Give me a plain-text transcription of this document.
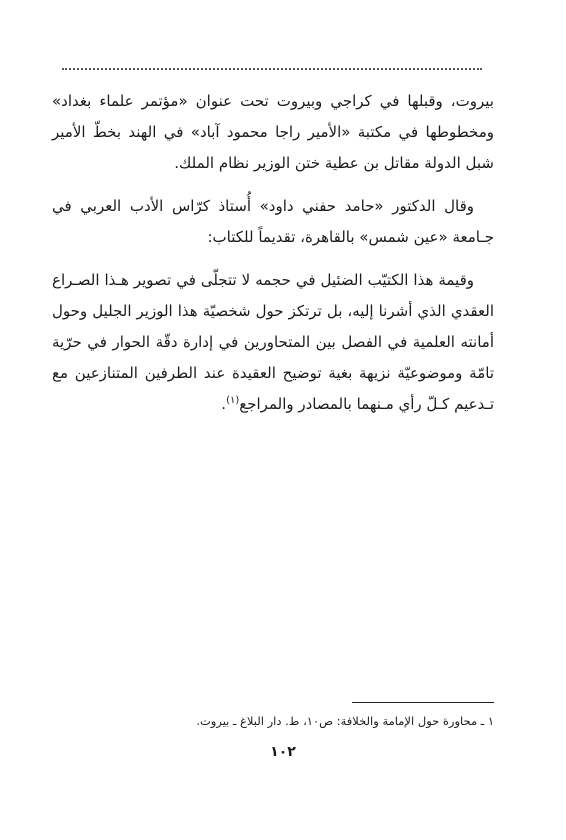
بيروت، وقبلها في كراجي وبيروت تحت عنوان «مؤتمر علماء بغداد» ومخطوطها في مكتبة «الأمير راجا محمود آباد» في الهند بخطّ الأمير شبل الدولة مقاتل بن عطية ختن الوزير نظام الملك.

وقال الدكتور «حامد حفني داود» أُستاذ كرّاس الأدب العربي في جـامعة «عين شمس» بالقاهرة، تقديماً للكتاب:

وقيمة هذا الكتيّب الضئيل في حجمه لا تتجلّى في تصوير هـذا الصـراع العقدي الذي أشرنا إليه، بل ترتكز حول شخصيّة هذا الوزير الجليل وحول أمانته العلمية في الفصل بين المتحاورين في إدارة دقّة الحوار في حرّية تامّة وموضوعيّة نزيهة بغية توضيح العقيدة عند الطرفين المتنازعين مع تـدعيم كـلّ رأي مـنهما بالمصادر والمراجع$^{(١)}$.

١ ـ محاورة حول الإمامة والخلافة: ص١٠، ط. دار البلاغ ـ بيروت.
١٠٢
